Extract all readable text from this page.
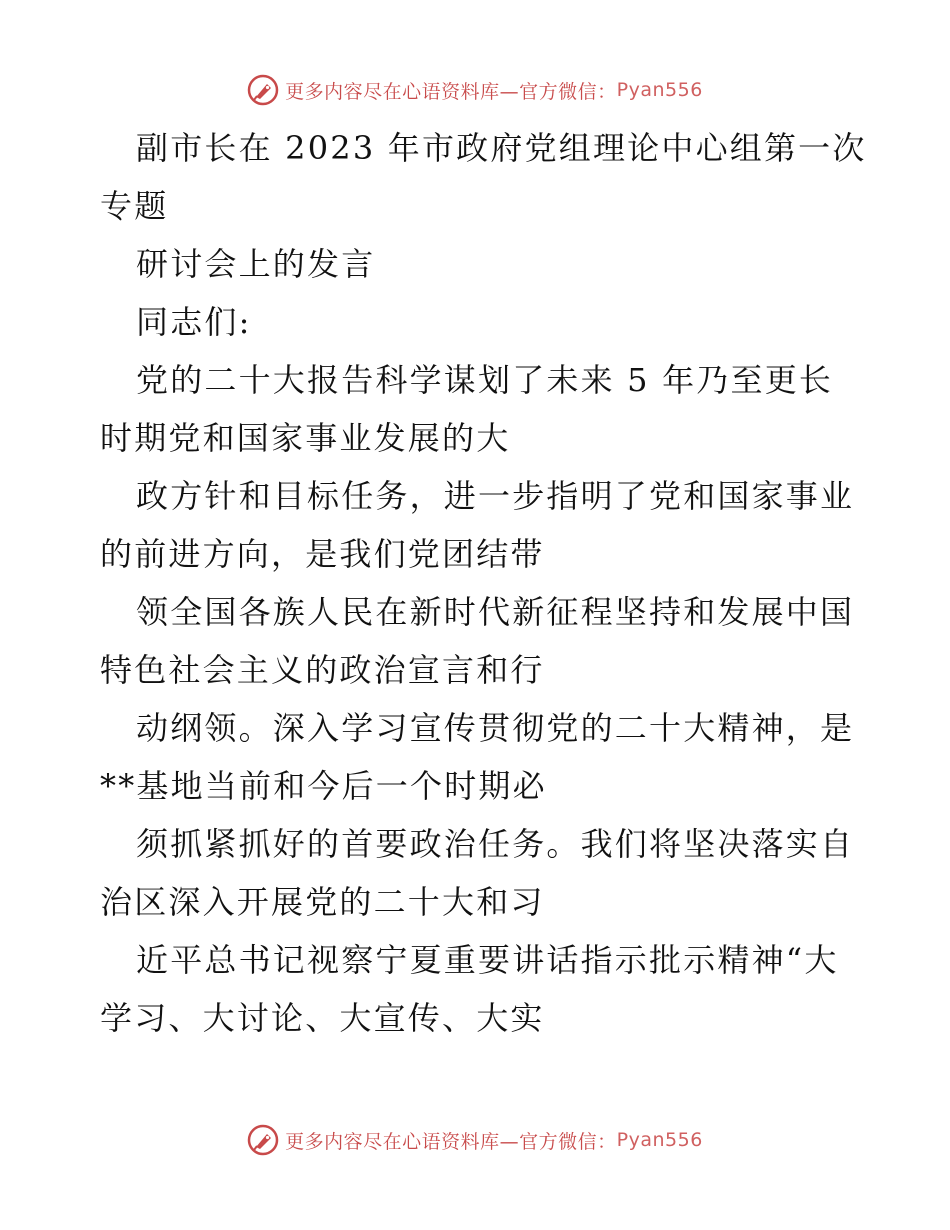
更多内容尽在心语资料库—官方微信： Pyan556
副市长在 2023 年市政府党组理论中心组第一次
专题
研讨会上的发言
同志们:
党的二十大报告科学谋划了未来 5 年乃至更长
时期党和国家事业发展的大
政方针和目标任务，进一步指明了党和国家事业
的前进方向，是我们党团结带
领全国各族人民在新时代新征程坚持和发展中国
特色社会主义的政治宣言和行
动纲领。深入学习宣传贯彻党的二十大精神，是
**基地当前和今后一个时期必
须抓紧抓好的首要政治任务。我们将坚决落实自
治区深入开展党的二十大和习
近平总书记视察宁夏重要讲话指示批示精神“大
学习、大讨论、大宣传、大实
更多内容尽在心语资料库—官方微信： Pyan556
